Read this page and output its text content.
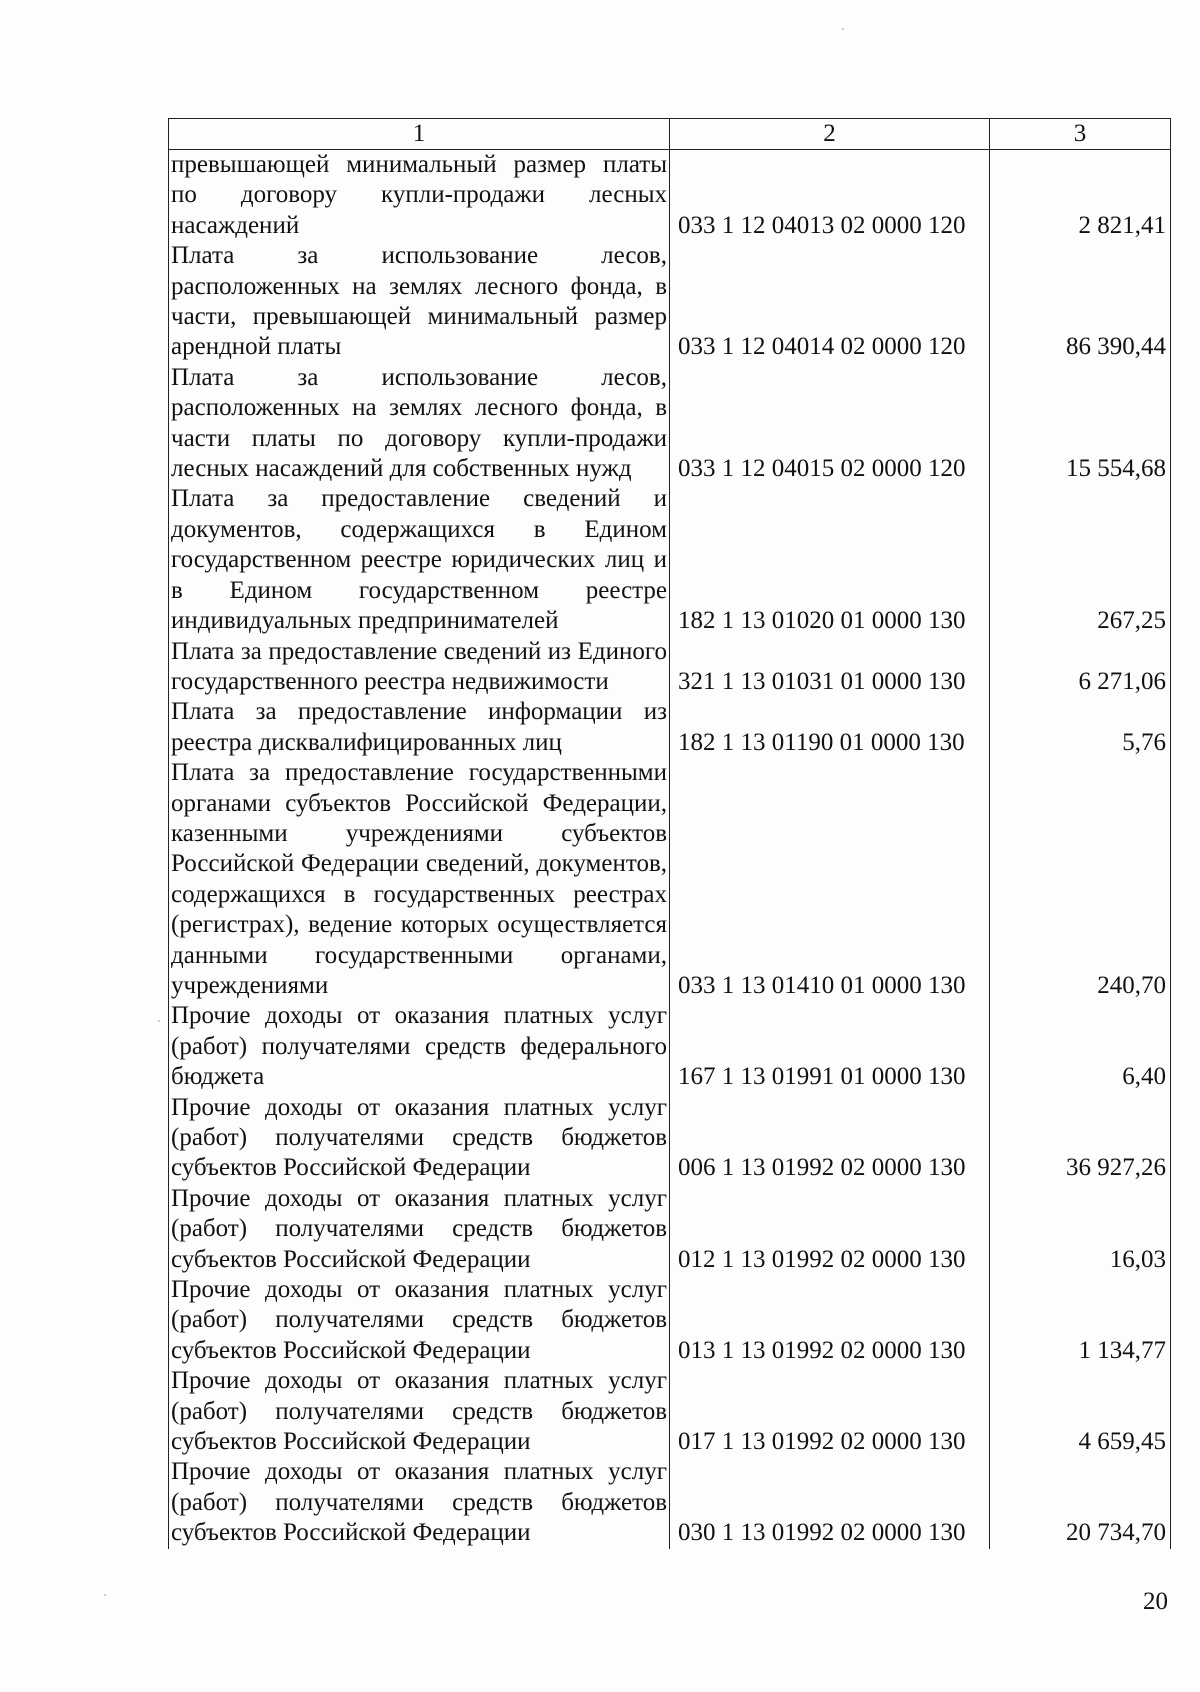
1	2	3
превышающей минимальный размер платы по договору купли-продажи лесных насаждений	033 1 12 04013 02 0000 120	2 821,41
Плата за использование лесов, расположенных на землях лесного фонда, в части, превышающей минимальный размер арендной платы	033 1 12 04014 02 0000 120	86 390,44
Плата за использование лесов, расположенных на землях лесного фонда, в части платы по договору купли-продажи лесных насаждений для собственных нужд	033 1 12 04015 02 0000 120	15 554,68
Плата за предоставление сведений и документов, содержащихся в Едином государственном реестре юридических лиц и в Едином государственном реестре индивидуальных предпринимателей	182 1 13 01020 01 0000 130	267,25
Плата за предоставление сведений из Единого государственного реестра недвижимости	321 1 13 01031 01 0000 130	6 271,06
Плата за предоставление информации из реестра дисквалифицированных лиц	182 1 13 01190 01 0000 130	5,76
Плата за предоставление государственными органами субъектов Российской Федерации, казенными учреждениями субъектов Российской Федерации сведений, документов, содержащихся в государственных реестрах (регистрах), ведение которых осуществляется данными государственными органами, учреждениями	033 1 13 01410 01 0000 130	240,70
Прочие доходы от оказания платных услуг (работ) получателями средств федерального бюджета	167 1 13 01991 01 0000 130	6,40
Прочие доходы от оказания платных услуг (работ) получателями средств бюджетов субъектов Российской Федерации	006 1 13 01992 02 0000 130	36 927,26
Прочие доходы от оказания платных услуг (работ) получателями средств бюджетов субъектов Российской Федерации	012 1 13 01992 02 0000 130	16,03
Прочие доходы от оказания платных услуг (работ) получателями средств бюджетов субъектов Российской Федерации	013 1 13 01992 02 0000 130	1 134,77
Прочие доходы от оказания платных услуг (работ) получателями средств бюджетов субъектов Российской Федерации	017 1 13 01992 02 0000 130	4 659,45
Прочие доходы от оказания платных услуг (работ) получателями средств бюджетов субъектов Российской Федерации	030 1 13 01992 02 0000 130	20 734,70
20
